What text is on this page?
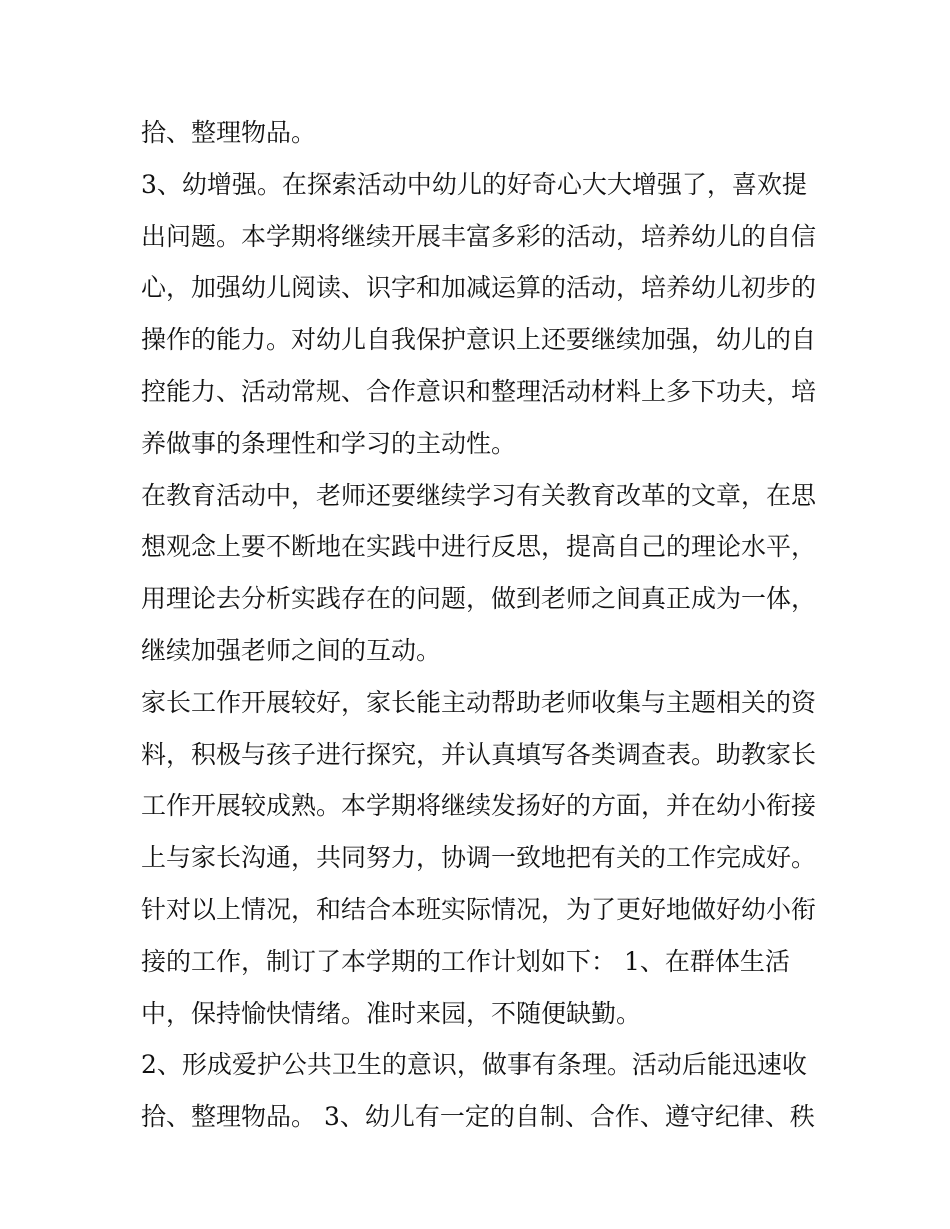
拾、整理物品。
3、幼增强。在探索活动中幼儿的好奇心大大增强了，喜欢提
出问题。本学期将继续开展丰富多彩的活动，培养幼儿的自信
心，加强幼儿阅读、识字和加减运算的活动，培养幼儿初步的
操作的能力。对幼儿自我保护意识上还要继续加强，幼儿的自
控能力、活动常规、合作意识和整理活动材料上多下功夫，培
养做事的条理性和学习的主动性。
在教育活动中，老师还要继续学习有关教育改革的文章，在思
想观念上要不断地在实践中进行反思，提高自己的理论水平，
用理论去分析实践存在的问题，做到老师之间真正成为一体，
继续加强老师之间的互动。
家长工作开展较好，家长能主动帮助老师收集与主题相关的资
料，积极与孩子进行探究，并认真填写各类调查表。助教家长
工作开展较成熟。本学期将继续发扬好的方面，并在幼小衔接
上与家长沟通，共同努力，协调一致地把有关的工作完成好。
针对以上情况，和结合本班实际情况，为了更好地做好幼小衔
接的工作，制订了本学期的工作计划如下： 1、在群体生活
中，保持愉快情绪。准时来园，不随便缺勤。
2、形成爱护公共卫生的意识，做事有条理。活动后能迅速收
拾、整理物品。 3、幼儿有一定的自制、合作、遵守纪律、秩
